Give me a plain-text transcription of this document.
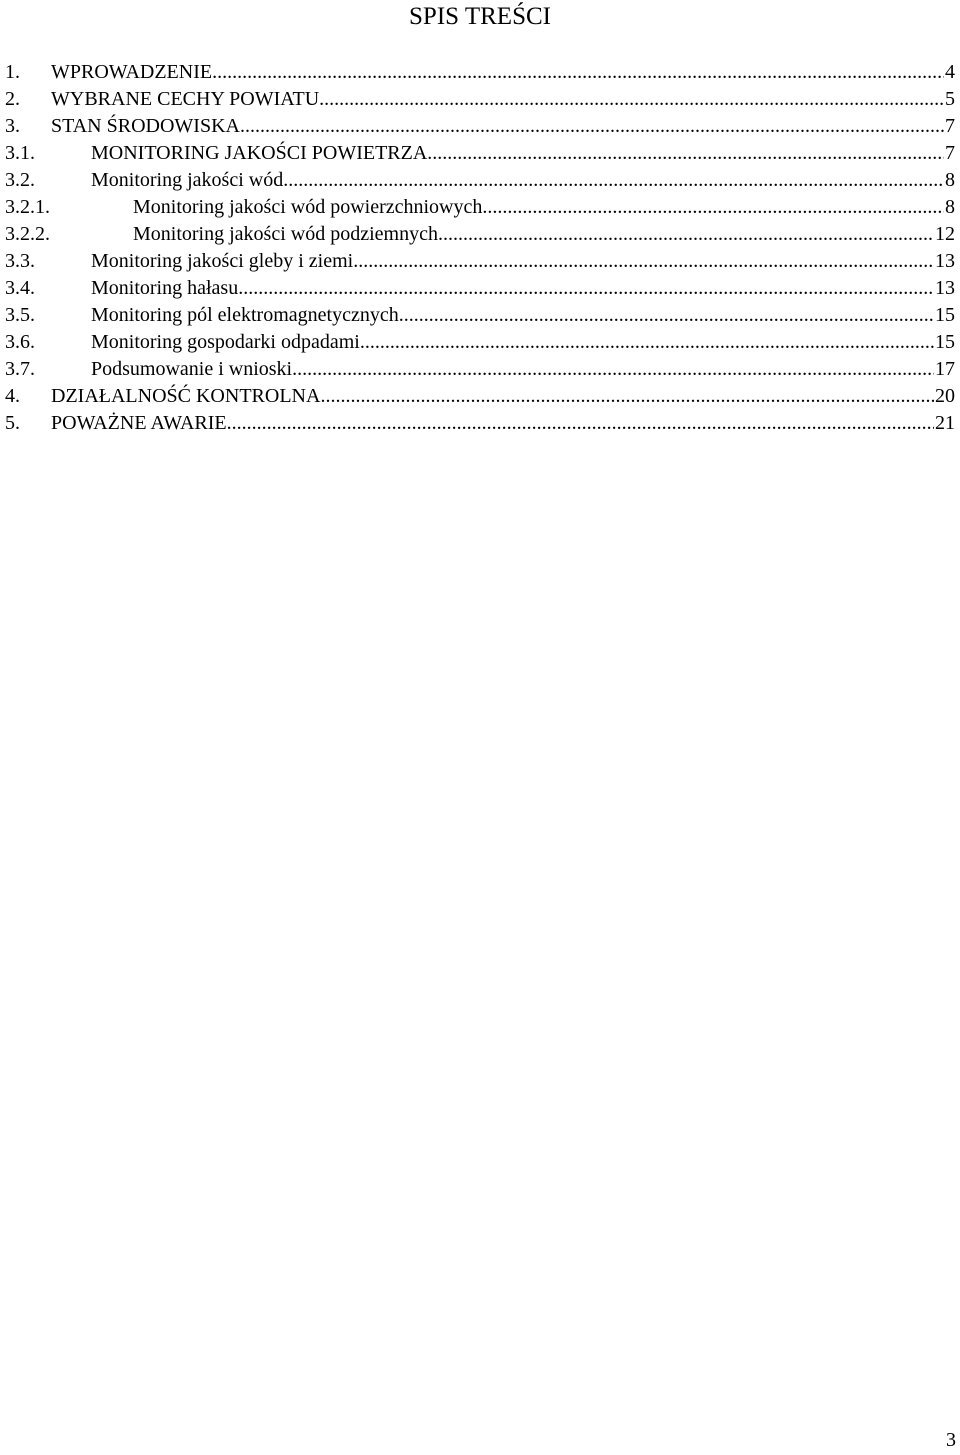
SPIS TREŚCI
1.	WPROWADZENIE .....	4
2.	WYBRANE CECHY POWIATU .....	5
3.	STAN ŚRODOWISKA .....	7
3.1.	MONITORING JAKOŚCI POWIETRZA .....	7
3.2.	Monitoring jakości wód .....	8
3.2.1.	Monitoring jakości wód powierzchniowych .....	8
3.2.2.	Monitoring jakości wód podziemnych .....	12
3.3.	Monitoring jakości gleby i ziemi .....	13
3.4.	Monitoring hałasu .....	13
3.5.	Monitoring pól elektromagnetycznych .....	15
3.6.	Monitoring gospodarki odpadami .....	15
3.7.	Podsumowanie i wnioski .....	17
4.	DZIAŁALNOŚĆ KONTROLNA .....	20
5.	POWAŻNE AWARIE .....	21
3
